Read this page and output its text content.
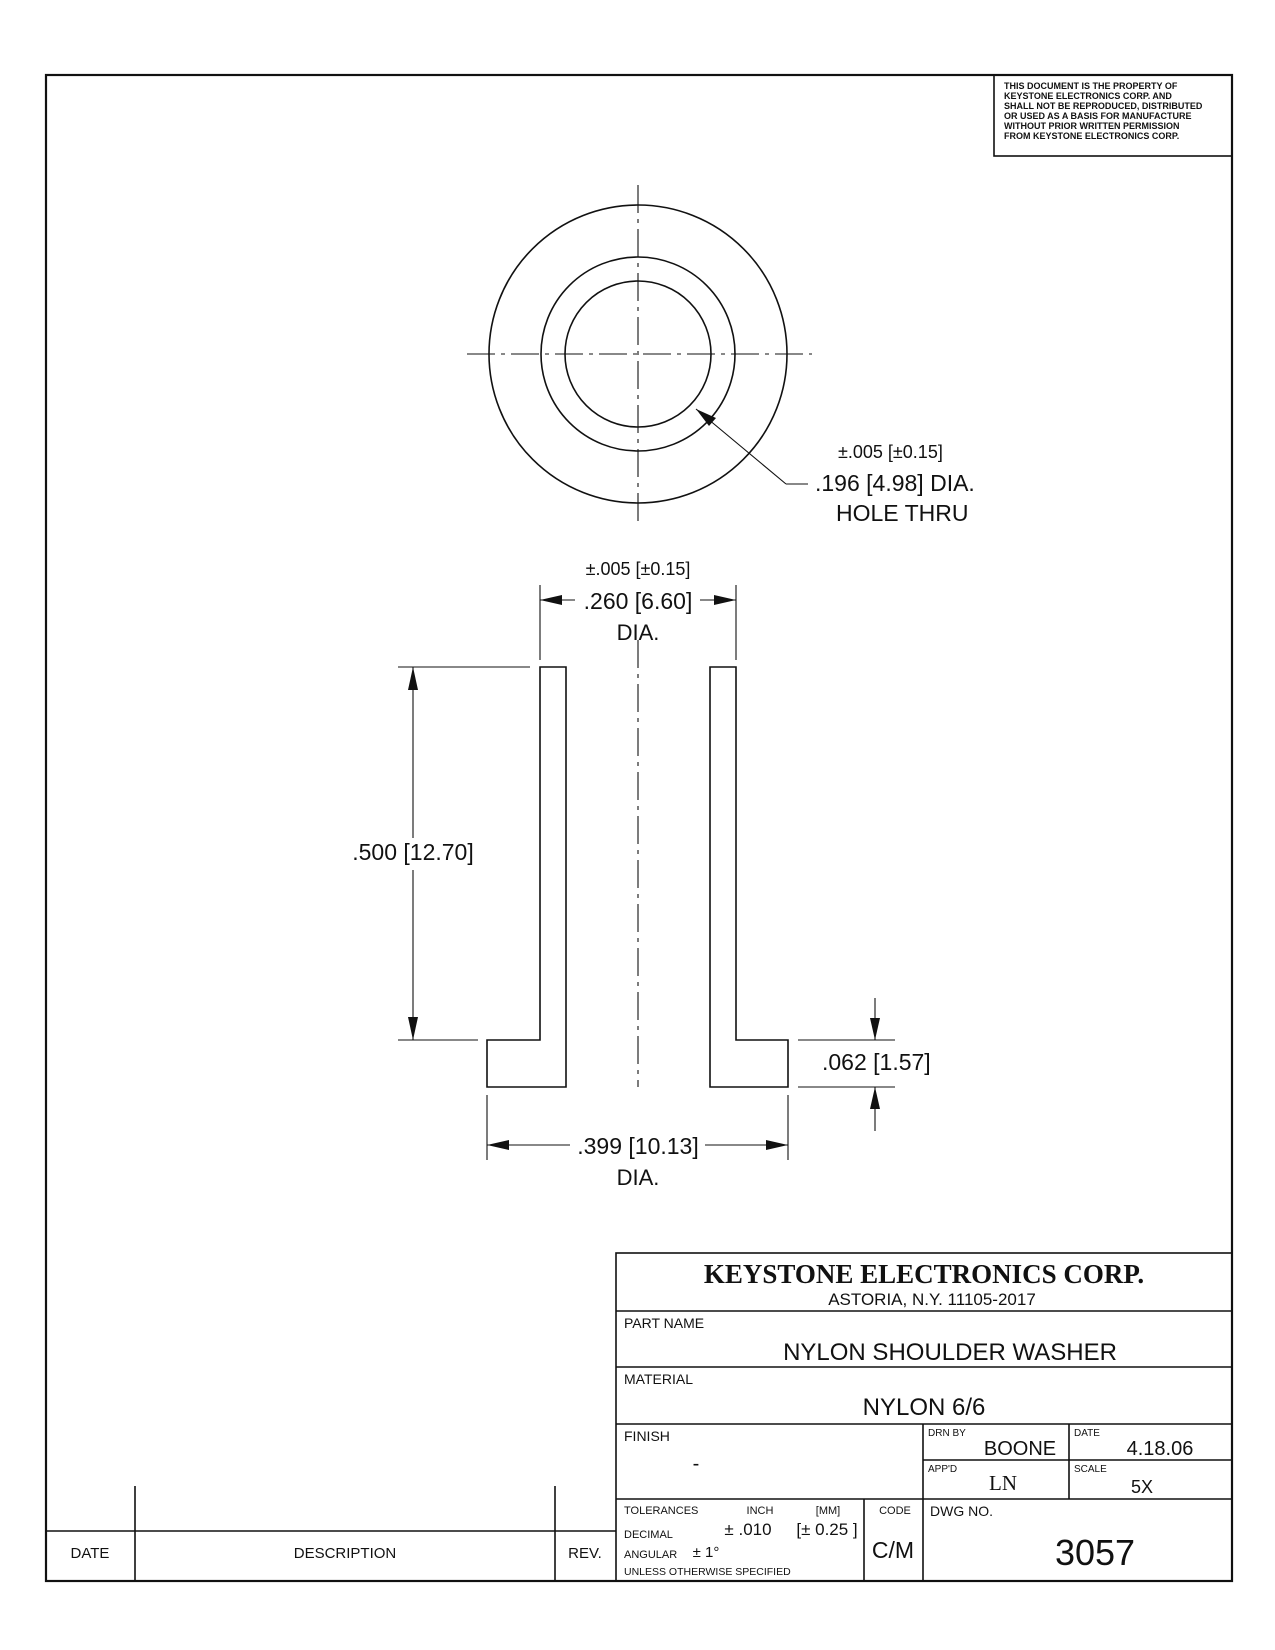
THIS DOCUMENT IS THE PROPERTY OF
KEYSTONE ELECTRONICS CORP. AND
SHALL NOT BE REPRODUCED, DISTRIBUTED
OR USED AS A BASIS FOR MANUFACTURE
WITHOUT PRIOR WRITTEN PERMISSION
FROM KEYSTONE ELECTRONICS CORP.
±.005 [±0.15]
.196 [4.98] DIA.
HOLE THRU
±.005 [±0.15]
.260 [6.60]
DIA.
.500 [12.70]
.062 [1.57]
.399 [10.13]
DIA.
DATE	DESCRIPTION	REV.
KEYSTONE ELECTRONICS CORP.
ASTORIA, N.Y. 11105-2017
PART NAME
NYLON SHOULDER WASHER
MATERIAL
NYLON 6/6
FINISH
-
DRN BY
BOONE
DATE
4.18.06
APP'D
LN
SCALE
5X
TOLERANCES	INCH	[MM]	CODE
DECIMAL	± .010 [± 0.25 ]
ANGULAR ± 1°
UNLESS OTHERWISE SPECIFIED
C/M
DWG NO.
3057
